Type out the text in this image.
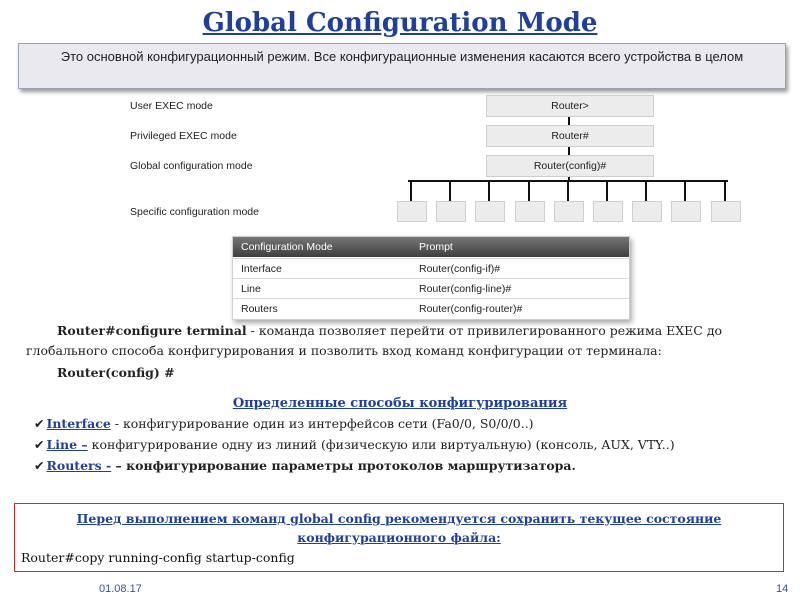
Global Configuration Mode
Это основной конфигурационный режим. Все конфигурационные изменения касаются всего устройства в целом
User EXEC mode
Privileged EXEC mode
Global configuration mode
Specific configuration mode
Router>
Router#
Router(config)#
Configuration Mode	Prompt
Interface	Router(config-if)#
Line	Router(config-line)#
Routers	Router(config-router)#
Router#configure terminal - команда позволяет перейти от привилегированного режима EXEC до
глобального способа конфигурирования и позволить вход команд конфигурации от терминала:
Router(config) #
Определенные способы конфигурирования
✔ Interface - конфигурирование один из интерфейсов сети (Fa0/0, S0/0/0..)
✔ Line – конфигурирование одну из линий (физическую или виртуальную) (консоль, AUX, VTY..)
✔ Routers - – конфигурирование параметры протоколов маршрутизатора.
Перед выполнением команд global config рекомендуется сохранить текущее состояние
конфигурационного файла:
Router#copy running-config startup-config
01.08.17	14
